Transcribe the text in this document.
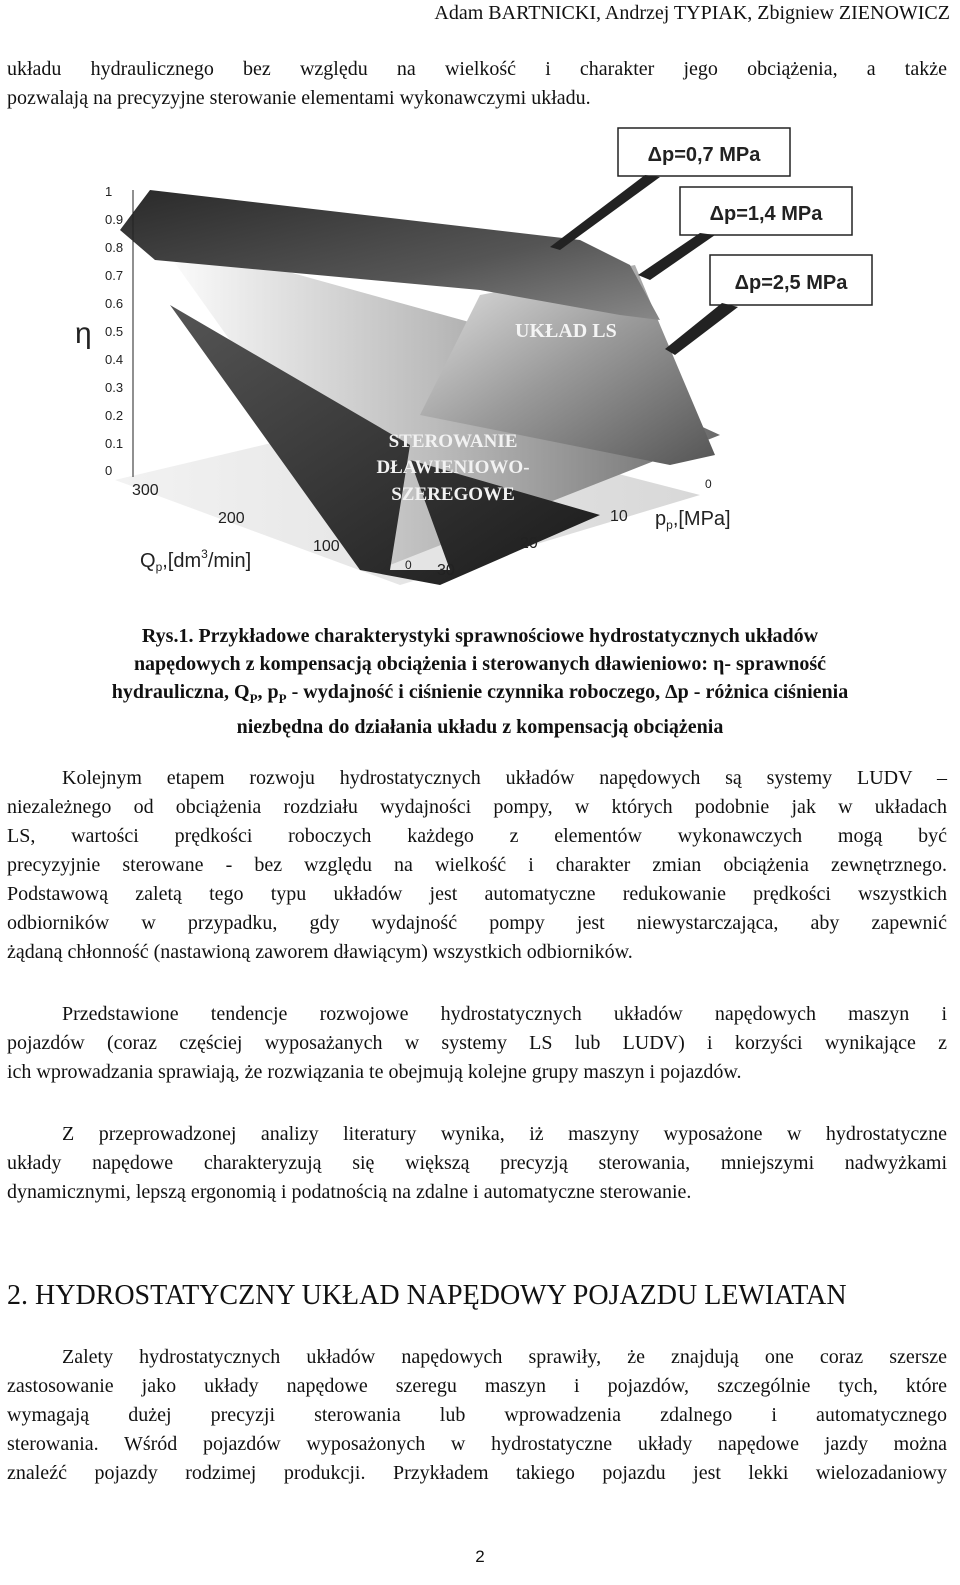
Adam BARTNICKI, Andrzej TYPIAK, Zbigniew ZIENOWICZ
układu hydraulicznego bez względu na wielkość i charakter jego obciążenia, a także
pozwalają na precyzyjne sterowanie elementami wykonawczymi układu.
1
0.9
0.8
0.7
0.6
0.5
0.4
0.3
0.2
0.1
0
η
300
200
100
0
$Q_p,[dm^3/\min]$
0
10
20
30
$p_p,[MPa]$
UKŁAD LS
STEROWANIE
DŁAWIENIOWO-
SZEREGOWE
Δp=0,7 MPa
Δp=1,4 MPa
Δp=2,5 MPa
Rys.1. Przykładowe charakterystyki sprawnościowe hydrostatycznych układów
napędowych z kompensacją obciążenia i sterowanych dławieniowo: η- sprawność
hydrauliczna, $Q_P$, $p_P$ - wydajność i ciśnienie czynnika roboczego, Δp - różnica ciśnienia
niezbędna do działania układu z kompensacją obciążenia
Kolejnym etapem rozwoju hydrostatycznych układów napędowych są systemy LUDV –
niezależnego od obciążenia rozdziału wydajności pompy, w których podobnie jak w układach
LS, wartości prędkości roboczych każdego z elementów wykonawczych mogą być
precyzyjnie sterowane - bez względu na wielkość i charakter zmian obciążenia zewnętrznego.
Podstawową zaletą tego typu układów jest automatyczne redukowanie prędkości wszystkich
odbiorników w przypadku, gdy wydajność pompy jest niewystarczająca, aby zapewnić
żądaną chłonność (nastawioną zaworem dławiącym) wszystkich odbiorników.
Przedstawione tendencje rozwojowe hydrostatycznych układów napędowych maszyn i
pojazdów (coraz częściej wyposażanych w systemy LS lub LUDV) i korzyści wynikające z
ich wprowadzania sprawiają, że rozwiązania te obejmują kolejne grupy maszyn i pojazdów.
Z przeprowadzonej analizy literatury wynika, iż maszyny wyposażone w hydrostatyczne
układy napędowe charakteryzują się większą precyzją sterowania, mniejszymi nadwyżkami
dynamicznymi, lepszą ergonomią i podatnością na zdalne i automatyczne sterowanie.
2. HYDROSTATYCZNY UKŁAD NAPĘDOWY POJAZDU LEWIATAN
Zalety hydrostatycznych układów napędowych sprawiły, że znajdują one coraz szersze
zastosowanie jako układy napędowe szeregu maszyn i pojazdów, szczególnie tych, które
wymagają dużej precyzji sterowania lub wprowadzenia zdalnego i automatycznego
sterowania. Wśród pojazdów wyposażonych w hydrostatyczne układy napędowe jazdy można
znaleźć pojazdy rodzimej produkcji. Przykładem takiego pojazdu jest lekki wielozadaniowy
2
